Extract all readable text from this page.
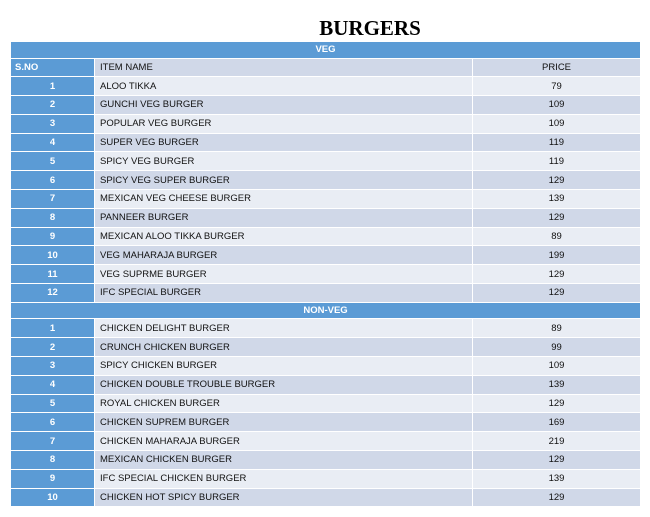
BURGERS
VEG		
S.NO	ITEM NAME	PRICE
1	ALOO TIKKA	79
2	GUNCHI VEG BURGER	109
3	POPULAR VEG BURGER	109
4	SUPER VEG BURGER	119
5	SPICY VEG BURGER	119
6	SPICY VEG SUPER BURGER	129
7	MEXICAN VEG CHEESE BURGER	139
8	PANNEER BURGER	129
9	MEXICAN ALOO TIKKA BURGER	89
10	VEG MAHARAJA BURGER	199
11	VEG SUPRME BURGER	129
12	IFC SPECIAL BURGER	129
NON-VEG		
1	CHICKEN DELIGHT BURGER	89
2	CRUNCH CHICKEN BURGER	99
3	SPICY CHICKEN BURGER	109
4	CHICKEN DOUBLE TROUBLE BURGER	139
5	ROYAL CHICKEN BURGER	129
6	CHICKEN SUPREM BURGER	169
7	CHICKEN MAHARAJA BURGER	219
8	MEXICAN CHICKEN BURGER	129
9	IFC SPECIAL CHICKEN BURGER	139
10	CHICKEN HOT SPICY BURGER	129
